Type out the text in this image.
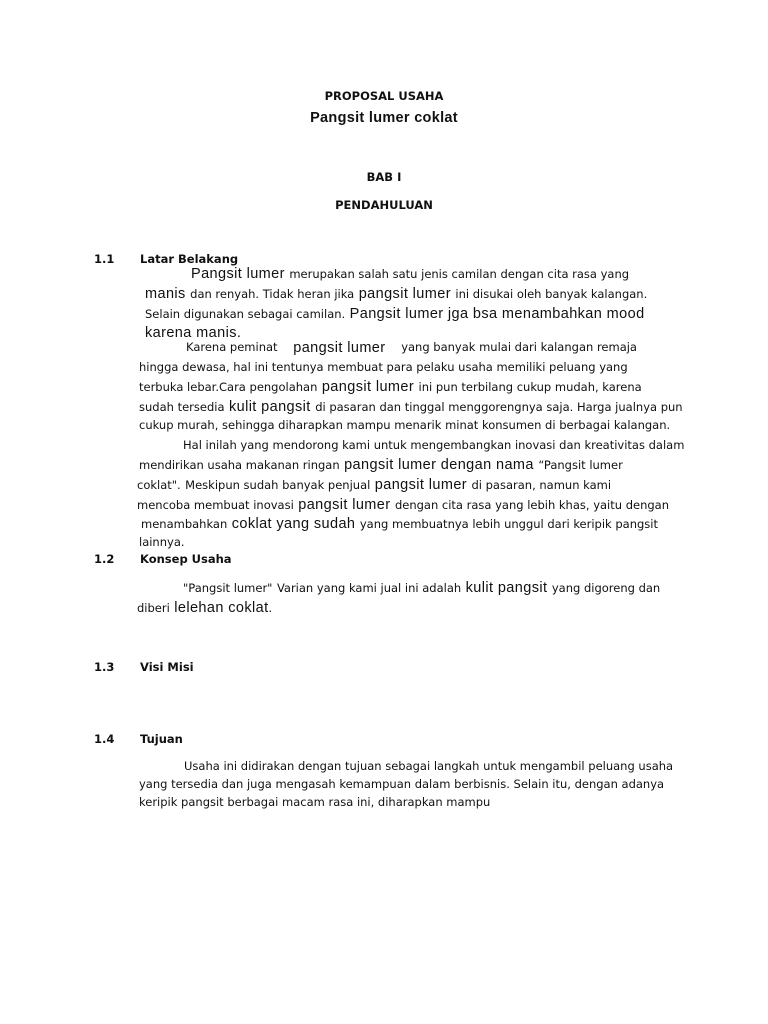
PROPOSAL USAHA
Pangsit lumer coklat
BAB I
PENDAHULUAN
1.1 Latar Belakang
Pangsit lumer merupakan salah satu jenis camilan dengan cita rasa yang
manis dan renyah. Tidak heran jika pangsit lumer ini disukai oleh banyak kalangan.
Selain digunakan sebagai camilan. Pangsit lumer jga bsa menambahkan mood
karena manis.
Karena peminat pangsit lumer yang banyak mulai dari kalangan remaja
hingga dewasa, hal ini tentunya membuat para pelaku usaha memiliki peluang yang
terbuka lebar.Cara pengolahan pangsit lumer ini pun terbilang cukup mudah, karena
sudah tersedia kulit pangsit di pasaran dan tinggal menggorengnya saja. Harga jualnya pun
cukup murah, sehingga diharapkan mampu menarik minat konsumen di berbagai kalangan.
Hal inilah yang mendorong kami untuk mengembangkan inovasi dan kreativitas dalam
mendirikan usaha makanan ringan pangsit lumer dengan nama “Pangsit lumer
coklat". Meskipun sudah banyak penjual pangsit lumer di pasaran, namun kami
mencoba membuat inovasi pangsit lumer dengan cita rasa yang lebih khas, yaitu dengan
menambahkan coklat yang sudah yang membuatnya lebih unggul dari keripik pangsit
lainnya.
1.2 Konsep Usaha
"Pangsit lumer" Varian yang kami jual ini adalah kulit pangsit yang digoreng dan
diberi lelehan coklat.
1.3 Visi Misi
1.4 Tujuan
Usaha ini didirakan dengan tujuan sebagai langkah untuk mengambil peluang usaha
yang tersedia dan juga mengasah kemampuan dalam berbisnis. Selain itu, dengan adanya
keripik pangsit berbagai macam rasa ini, diharapkan mampu
